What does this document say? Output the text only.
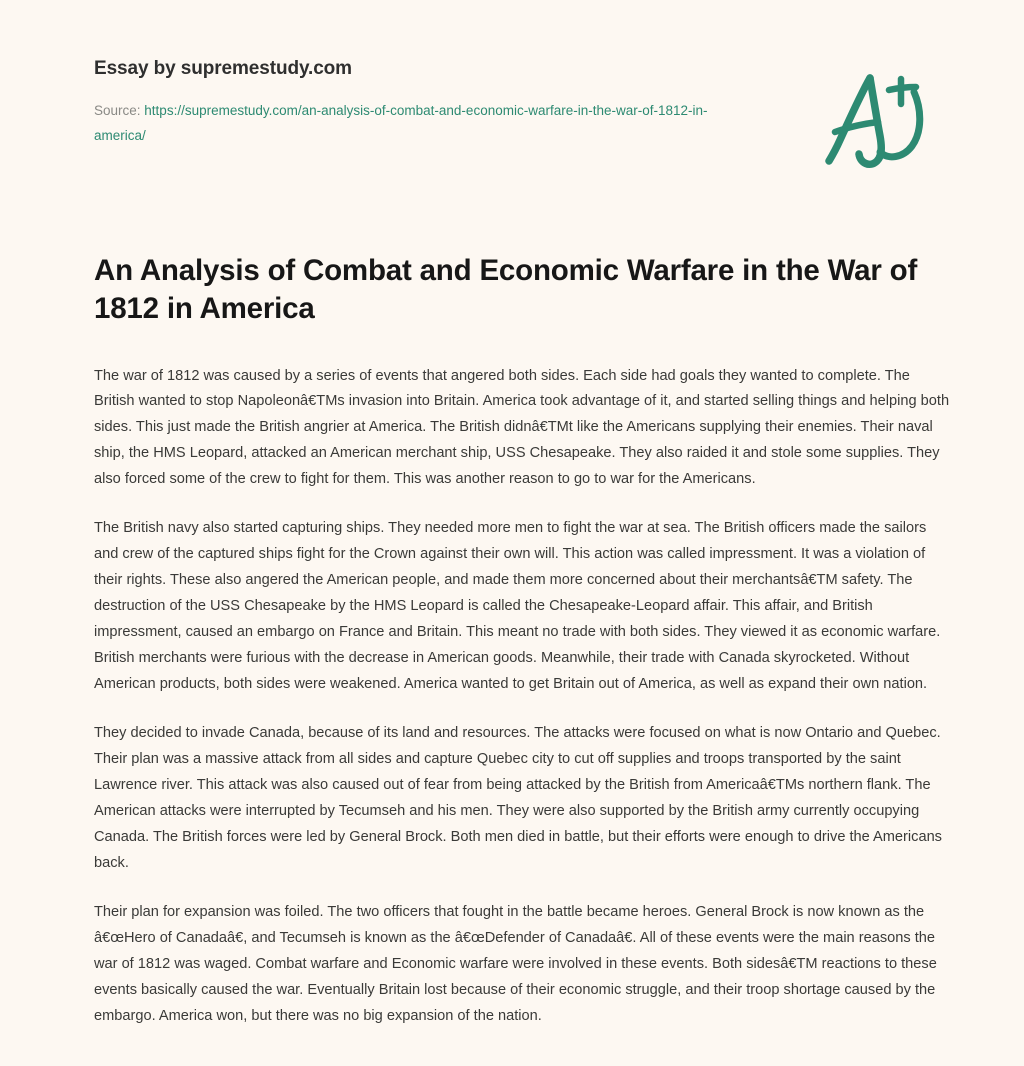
Essay by supremestudy.com
Source: https://supremestudy.com/an-analysis-of-combat-and-economic-warfare-in-the-war-of-1812-in-america/
An Analysis of Combat and Economic Warfare in the War of 1812 in America

The war of 1812 was caused by a series of events that angered both sides. Each side had goals they wanted to complete. The British wanted to stop Napoleonâ€TMs invasion into Britain. America took advantage of it, and started selling things and helping both sides. This just made the British angrier at America. The British didnâ€TMt like the Americans supplying their enemies. Their naval ship, the HMS Leopard, attacked an American merchant ship, USS Chesapeake. They also raided it and stole some supplies. They also forced some of the crew to fight for them. This was another reason to go to war for the Americans.

The British navy also started capturing ships. They needed more men to fight the war at sea. The British officers made the sailors and crew of the captured ships fight for the Crown against their own will. This action was called impressment. It was a violation of their rights. These also angered the American people, and made them more concerned about their merchantsâ€TM safety. The destruction of the USS Chesapeake by the HMS Leopard is called the Chesapeake-Leopard affair. This affair, and British impressment, caused an embargo on France and Britain. This meant no trade with both sides. They viewed it as economic warfare. British merchants were furious with the decrease in American goods. Meanwhile, their trade with Canada skyrocketed. Without American products, both sides were weakened. America wanted to get Britain out of America, as well as expand their own nation.

They decided to invade Canada, because of its land and resources. The attacks were focused on what is now Ontario and Quebec. Their plan was a massive attack from all sides and capture Quebec city to cut off supplies and troops transported by the saint Lawrence river. This attack was also caused out of fear from being attacked by the British from Americaâ€TMs northern flank. The American attacks were interrupted by Tecumseh and his men. They were also supported by the British army currently occupying Canada. The British forces were led by General Brock. Both men died in battle, but their efforts were enough to drive the Americans back.

Their plan for expansion was foiled. The two officers that fought in the battle became heroes. General Brock is now known as the â€œHero of Canadaâ€, and Tecumseh is known as the â€œDefender of Canadaâ€. All of these events were the main reasons the war of 1812 was waged. Combat warfare and Economic warfare were involved in these events. Both sidesâ€TM reactions to these events basically caused the war. Eventually Britain lost because of their economic struggle, and their troop shortage caused by the embargo. America won, but there was no big expansion of the nation.
